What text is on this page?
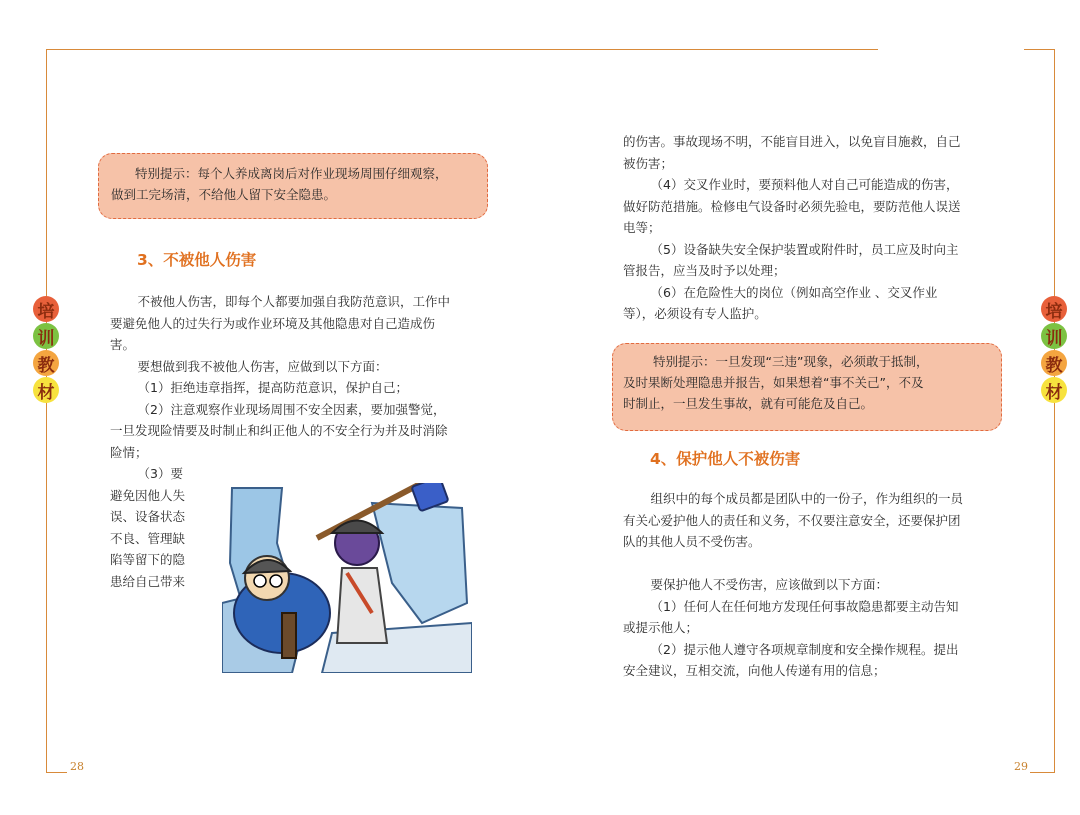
28	29
培
训
教
材
培
训
教
材
特别提示：每个人养成离岗后对作业现场周围仔细观察，
做到工完场清，不给他人留下安全隐患。
3、不被他人伤害

不被他人伤害，即每个人都要加强自我防范意识，工作中

要避免他人的过失行为或作业环境及其他隐患对自己造成伤

害。

要想做到我不被他人伤害，应做到以下方面：

（1）拒绝违章指挥，提高防范意识，保护自己；

（2）注意观察作业现场周围不安全因素，要加强警觉，

一旦发现险情要及时制止和纠正他人的不安全行为并及时消除

险情；

（3）要

避免因他人失

误、设备状态

不良、管理缺

陷等留下的隐

患给自己带来

的伤害。事故现场不明，不能盲目进入，以免盲目施救，自己

被伤害；

（4）交叉作业时，要预料他人对自己可能造成的伤害，

做好防范措施。检修电气设备时必须先验电，要防范他人误送

电等；

（5）设备缺失安全保护装置或附件时，员工应及时向主

管报告，应当及时予以处理；

（6）在危险性大的岗位（例如高空作业 、交叉作业

等），必须设有专人监护。

特别提示：一旦发现“三违”现象，必须敢于抵制，
及时果断处理隐患并报告，如果想着“事不关己”，不及
时制止，一旦发生事故，就有可能危及自己。
4、保护他人不被伤害

组织中的每个成员都是团队中的一份子，作为组织的一员

有关心爱护他人的责任和义务，不仅要注意安全，还要保护团

队的其他人员不受伤害。

要保护他人不受伤害，应该做到以下方面：

（1）任何人在任何地方发现任何事故隐患都要主动告知

或提示他人；

（2）提示他人遵守各项规章制度和安全操作规程。提出

安全建议，互相交流，向他人传递有用的信息；
